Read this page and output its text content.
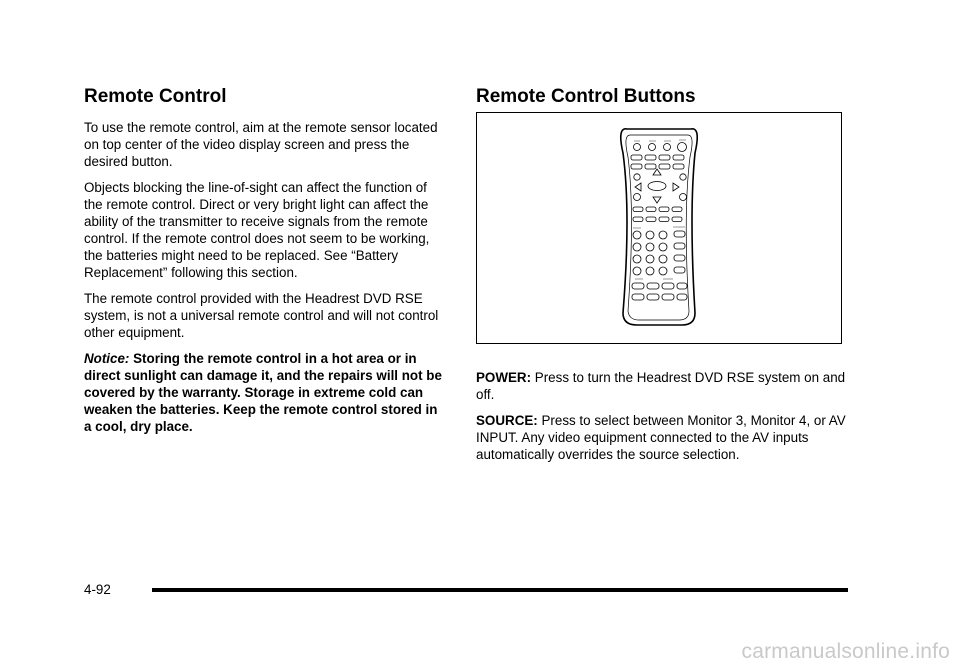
Remote Control

To use the remote control, aim at the remote sensor located on top center of the video display screen and press the desired button.

Objects blocking the line-of-sight can affect the function of the remote control. Direct or very bright light can affect the ability of the transmitter to receive signals from the remote control. If the remote control does not seem to be working, the batteries might need to be replaced. See “Battery Replacement” following this section.

The remote control provided with the Headrest DVD RSE system, is not a universal remote control and will not control other equipment.

Notice: Storing the remote control in a hot area or in direct sunlight can damage it, and the repairs will not be covered by the warranty. Storage in extreme cold can weaken the batteries. Keep the remote control stored in a cool, dry place.

Remote Control Buttons

POWER: Press to turn the Headrest DVD RSE system on and off.

SOURCE: Press to select between Monitor 3, Monitor 4, or AV INPUT. Any video equipment connected to the AV inputs automatically overrides the source selection.

4-92
carmanualsonline.info
